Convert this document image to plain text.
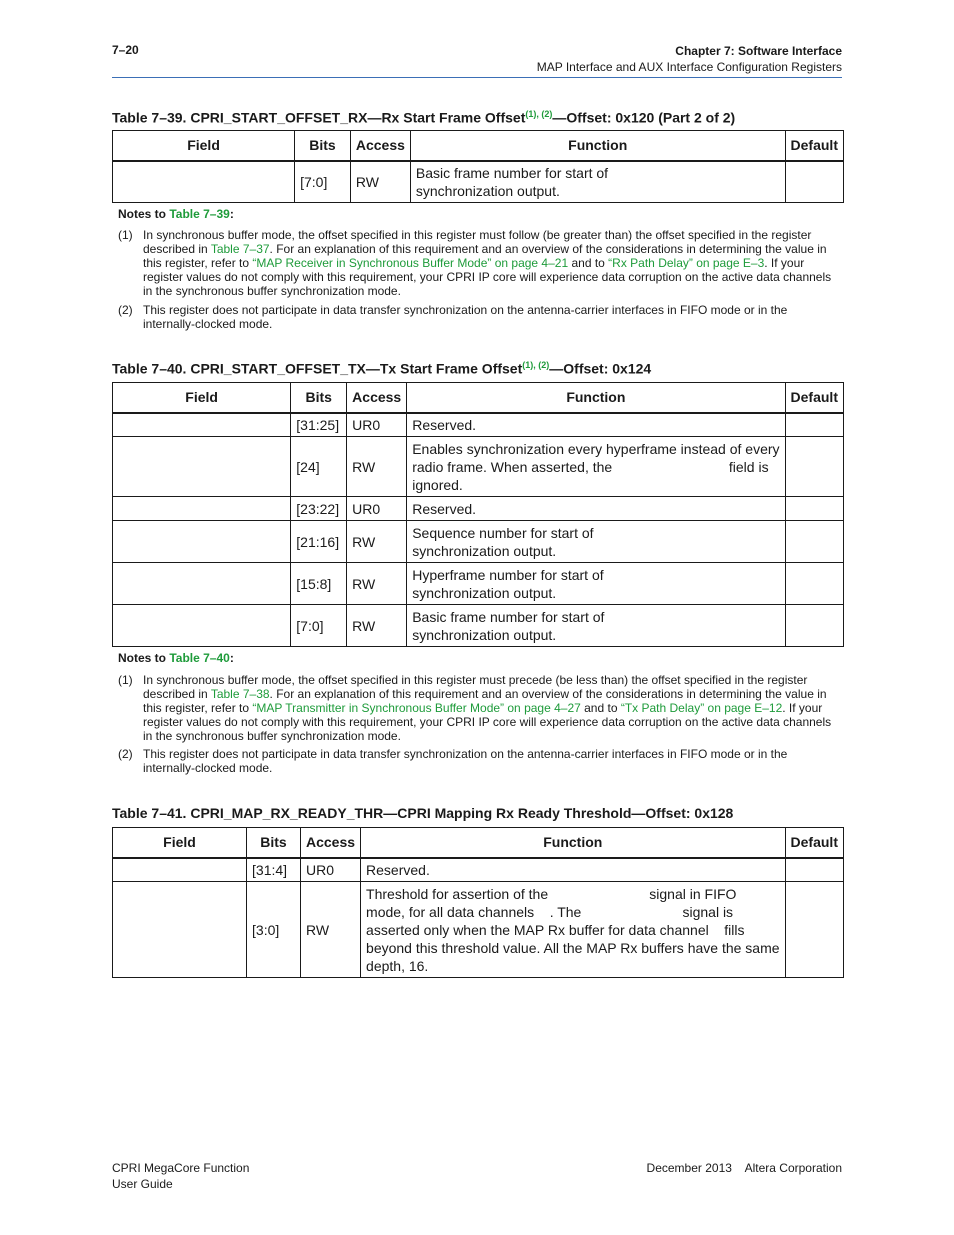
7–20	Chapter 7: Software Interface
MAP Interface and AUX Interface Configuration Registers
Table 7–39. CPRI_START_OFFSET_RX—Rx Start Frame Offset$^{(1), (2)}$—Offset: 0x120 (Part 2 of 2)
Field	Bits	Access	Function	Default
	[7:0]	RW	Basic frame number for start of
synchronization output.	
Notes to Table 7–39:
(1) In synchronous buffer mode, the offset specified in this register must follow (be greater than) the offset specified in the register described in Table 7–37. For an explanation of this requirement and an overview of the considerations in determining the value in this register, refer to “MAP Receiver in Synchronous Buffer Mode” on page 4–21 and to “Rx Path Delay” on page E–3. If your register values do not comply with this requirement, your CPRI IP core will experience data corruption on the active data channels in the synchronous buffer synchronization mode.
(2) This register does not participate in data transfer synchronization on the antenna-carrier interfaces in FIFO mode or in the internally-clocked mode.
Table 7–40. CPRI_START_OFFSET_TX—Tx Start Frame Offset$^{(1), (2)}$—Offset: 0x124
Field	Bits	Access	Function	Default
	[31:25]	UR0	Reserved.	
	[24]	RW	Enables synchronization every hyperframe instead of every
radio frame. When asserted, the                              field is
ignored.	
	[23:22]	UR0	Reserved.	
	[21:16]	RW	Sequence number for start of
synchronization output.	
	[15:8]	RW	Hyperframe number for start of
synchronization output.	
	[7:0]	RW	Basic frame number for start of
synchronization output.	
Notes to Table 7–40:
(1) In synchronous buffer mode, the offset specified in this register must precede (be less than) the offset specified in the register described in Table 7–38. For an explanation of this requirement and an overview of the considerations in determining the value in this register, refer to “MAP Transmitter in Synchronous Buffer Mode” on page 4–27 and to “Tx Path Delay” on page E–12. If your register values do not comply with this requirement, your CPRI IP core will experience data corruption on the active data channels in the synchronous buffer synchronization mode.
(2) This register does not participate in data transfer synchronization on the antenna-carrier interfaces in FIFO mode or in the internally-clocked mode.
Table 7–41. CPRI_MAP_RX_READY_THR—CPRI Mapping Rx Ready Threshold—Offset: 0x128
Field	Bits	Access	Function	Default
	[31:4]	UR0	Reserved.	
	[3:0]	RW	Threshold for assertion of the                          signal in FIFO
mode, for all data channels    . The                          signal is
asserted only when the MAP Rx buffer for data channel    fills
beyond this threshold value. All the MAP Rx buffers have the same
depth, 16.	
CPRI MegaCore Function
User Guide
December 2013    Altera Corporation
